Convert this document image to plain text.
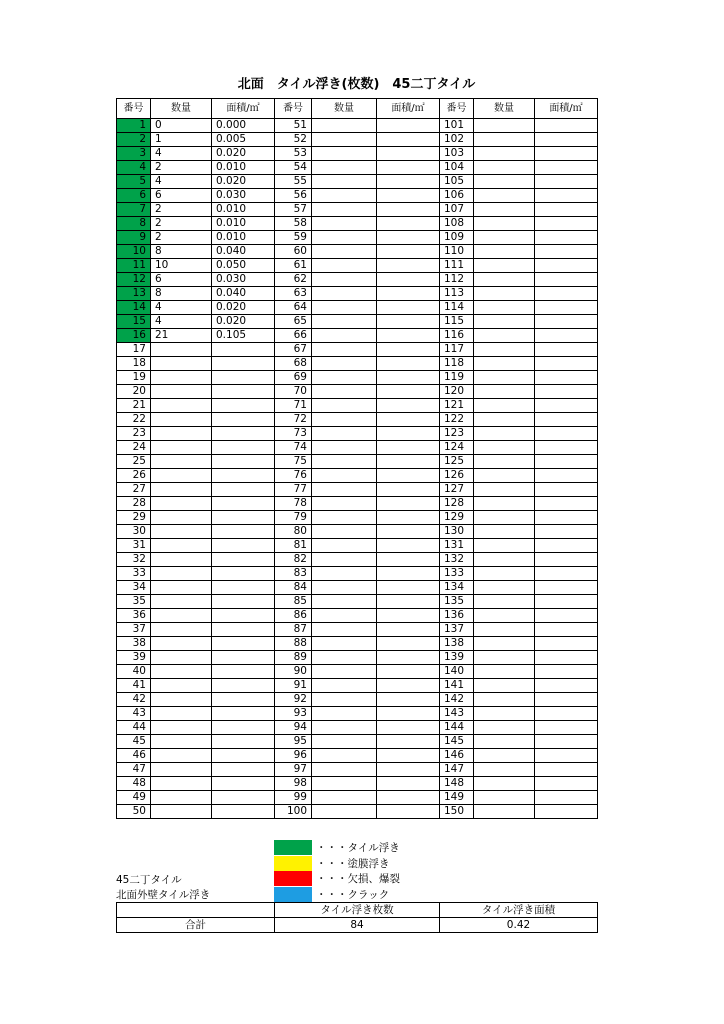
北面　タイル浮き(枚数)　45二丁タイル
番号	数量	面積/㎡	番号	数量	面積/㎡	番号	数量	面積/㎡
1	0	0.000	51			101		
2	1	0.005	52			102		
3	4	0.020	53			103		
4	2	0.010	54			104		
5	4	0.020	55			105		
6	6	0.030	56			106		
7	2	0.010	57			107		
8	2	0.010	58			108		
9	2	0.010	59			109		
10	8	0.040	60			110		
11	10	0.050	61			111		
12	6	0.030	62			112		
13	8	0.040	63			113		
14	4	0.020	64			114		
15	4	0.020	65			115		
16	21	0.105	66			116		
17			67			117		
18			68			118		
19			69			119		
20			70			120		
21			71			121		
22			72			122		
23			73			123		
24			74			124		
25			75			125		
26			76			126		
27			77			127		
28			78			128		
29			79			129		
30			80			130		
31			81			131		
32			82			132		
33			83			133		
34			84			134		
35			85			135		
36			86			136		
37			87			137		
38			88			138		
39			89			139		
40			90			140		
41			91			141		
42			92			142		
43			93			143		
44			94			144		
45			95			145		
46			96			146		
47			97			147		
48			98			148		
49			99			149		
50			100			150		
・・・タイル浮き
・・・塗膜浮き
・・・欠損、爆裂
・・・クラック
45二丁タイル
北面外壁タイル浮き
	タイル浮き枚数	タイル浮き面積
合計	84	0.42
